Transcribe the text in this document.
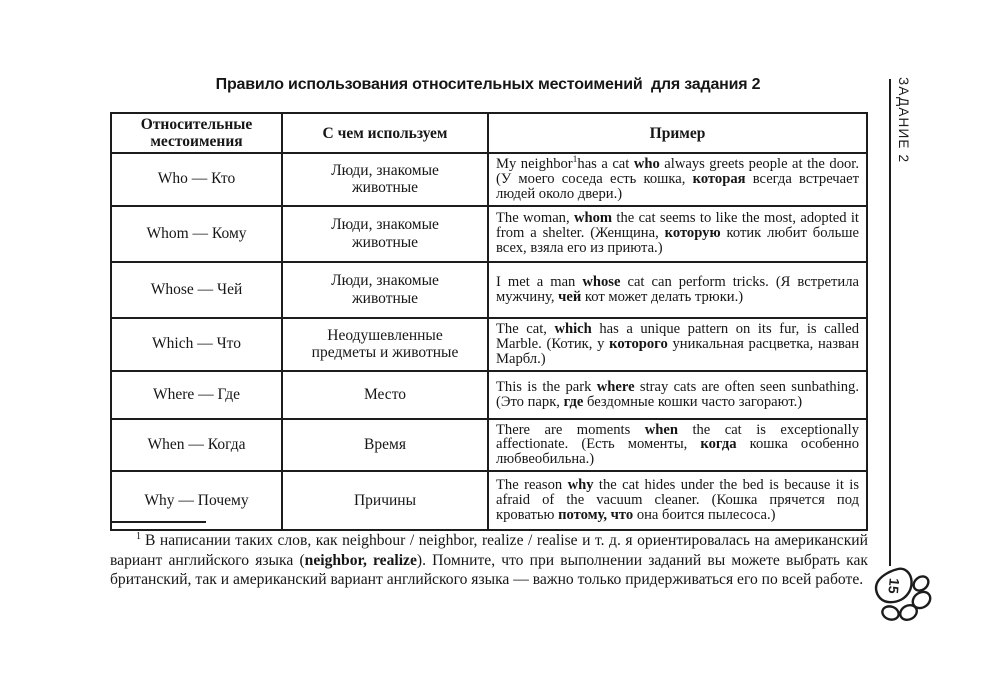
Правило использования относительных местоимений  для задания 2
Относительные местоимения	С чем используем	Пример
Who — Кто	Люди, знакомые животные	My neighbor$^1$has a cat who always greets people at the door. (У моего соседа есть кошка, которая всегда встречает людей около двери.)
Whom — Кому	Люди, знакомые животные	The woman, whom the cat seems to like the most, adopted it from a shelter. (Женщина, которую котик любит больше всех, взяла его из приюта.)
Whose — Чей	Люди, знакомые животные	I met a man whose cat can perform tricks. (Я встретила мужчину, чей кот может делать трюки.)
Which — Что	Неодушевленные предметы и животные	The cat, which has a unique pattern on its fur, is called Marble. (Котик, у которого уникальная расцветка, назван Марбл.)
Where — Где	Место	This is the park where stray cats are often seen sunbathing. (Это парк, где бездомные кошки часто загорают.)
When — Когда	Время	There are moments when the cat is exceptionally affectionate. (Есть моменты, когда кошка особенно любвеобильна.)
Why — Почему	Причины	The reason why the cat hides under the bed is because it is afraid of the vacuum cleaner. (Кошка прячется под кроватью потому, что она боится пылесоса.)

$^1$ В написании таких слов, как neighbour / neighbor, realize / realise и т. д. я ориентировалась на американский вариант английского языка (neighbor, realize). Помните, что при выполнении заданий вы можете выбрать как британский, так и американский вариант английского языка — важно только придерживаться его по всей работе.

ЗАДАНИЕ 2
15
